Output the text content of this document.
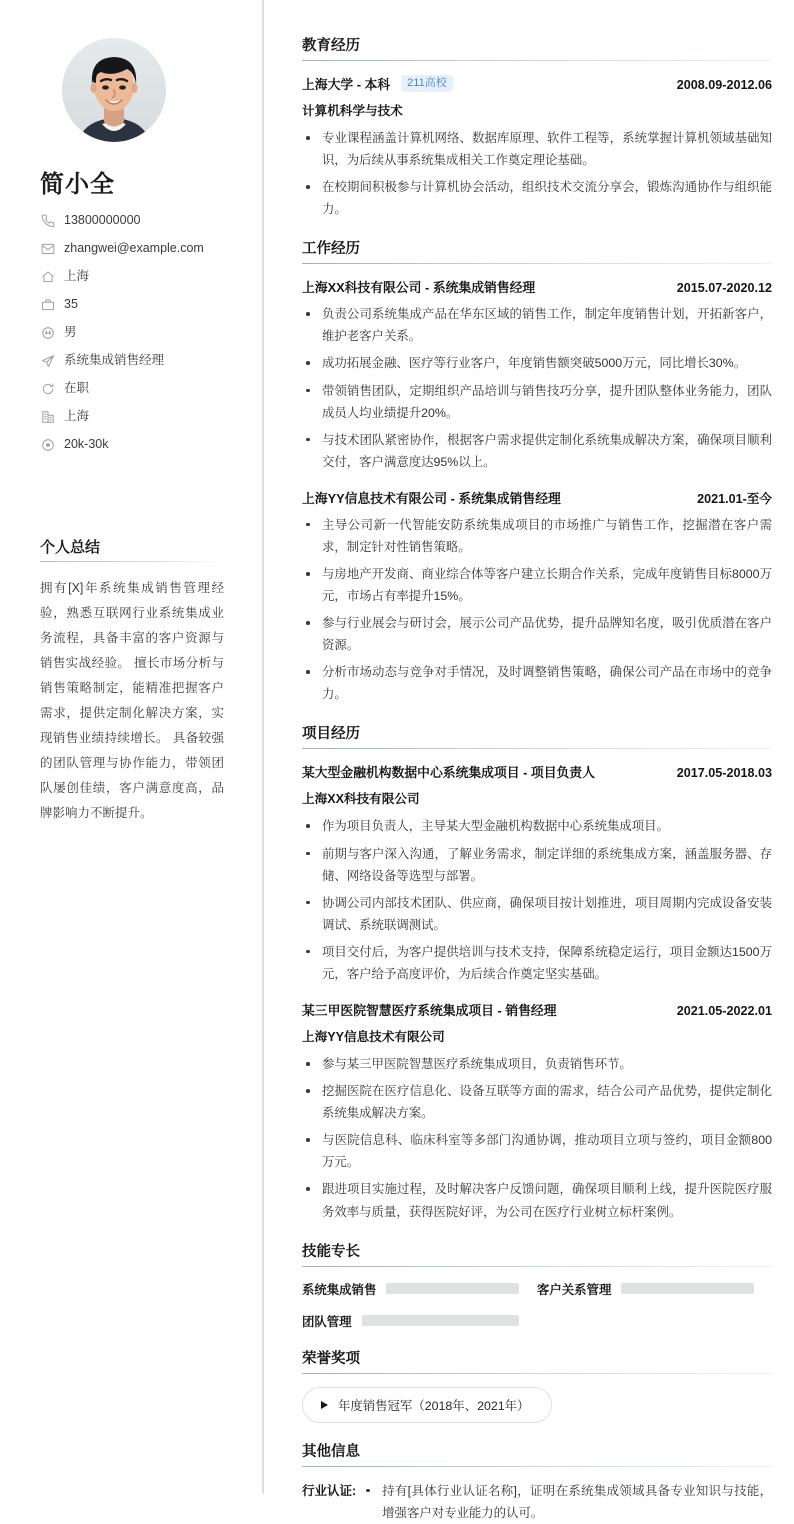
简小全
13800000000
zhangwei@example.com
上海
35
男
系统集成销售经理
在职
上海
20k-30k
个人总结

拥有[X]年系统集成销售管理经验，熟悉互联网行业系统集成业务流程，具备丰富的客户资源与销售实战经验。 擅长市场分析与销售策略制定，能精准把握客户需求，提供定制化解决方案，实现销售业绩持续增长。 具备较强的团队管理与协作能力，带领团队屡创佳绩，客户满意度高，品牌影响力不断提升。

教育经历
上海大学 - 本科	211高校	2008.09-2012.06
计算机科学与技术
专业课程涵盖计算机网络、数据库原理、软件工程等，系统掌握计算机领域基础知识，为后续从事系统集成相关工作奠定理论基础。
在校期间积极参与计算机协会活动，组织技术交流分享会，锻炼沟通协作与组织能力。
工作经历
上海XX科技有限公司 - 系统集成销售经理	2015.07-2020.12
负责公司系统集成产品在华东区域的销售工作，制定年度销售计划，开拓新客户，维护老客户关系。
成功拓展金融、医疗等行业客户，年度销售额突破5000万元，同比增长30%。
带领销售团队，定期组织产品培训与销售技巧分享，提升团队整体业务能力，团队成员人均业绩提升20%。
与技术团队紧密协作，根据客户需求提供定制化系统集成解决方案，确保项目顺利交付，客户满意度达95%以上。
上海YY信息技术有限公司 - 系统集成销售经理	2021.01-至今
主导公司新一代智能安防系统集成项目的市场推广与销售工作，挖掘潜在客户需求，制定针对性销售策略。
与房地产开发商、商业综合体等客户建立长期合作关系，完成年度销售目标8000万元，市场占有率提升15%。
参与行业展会与研讨会，展示公司产品优势，提升品牌知名度，吸引优质潜在客户资源。
分析市场动态与竞争对手情况，及时调整销售策略，确保公司产品在市场中的竞争力。
项目经历
某大型金融机构数据中心系统集成项目 - 项目负责人	2017.05-2018.03
上海XX科技有限公司
作为项目负责人，主导某大型金融机构数据中心系统集成项目。
前期与客户深入沟通，了解业务需求，制定详细的系统集成方案，涵盖服务器、存储、网络设备等选型与部署。
协调公司内部技术团队、供应商，确保项目按计划推进，项目周期内完成设备安装调试、系统联调测试。
项目交付后，为客户提供培训与技术支持，保障系统稳定运行，项目金额达1500万元，客户给予高度评价，为后续合作奠定坚实基础。
某三甲医院智慧医疗系统集成项目 - 销售经理	2021.05-2022.01
上海YY信息技术有限公司
参与某三甲医院智慧医疗系统集成项目，负责销售环节。
挖掘医院在医疗信息化、设备互联等方面的需求，结合公司产品优势，提供定制化系统集成解决方案。
与医院信息科、临床科室等多部门沟通协调，推动项目立项与签约，项目金额800万元。
跟进项目实施过程，及时解决客户反馈问题，确保项目顺利上线，提升医院医疗服务效率与质量，获得医院好评，为公司在医疗行业树立标杆案例。
技能专长
系统集成销售	客户关系管理
团队管理
荣誉奖项
年度销售冠军（2018年、2021年）
其他信息
行业认证:	持有[具体行业认证名称]，证明在系统集成领域具备专业知识与技能，增强客户对专业能力的认可。
